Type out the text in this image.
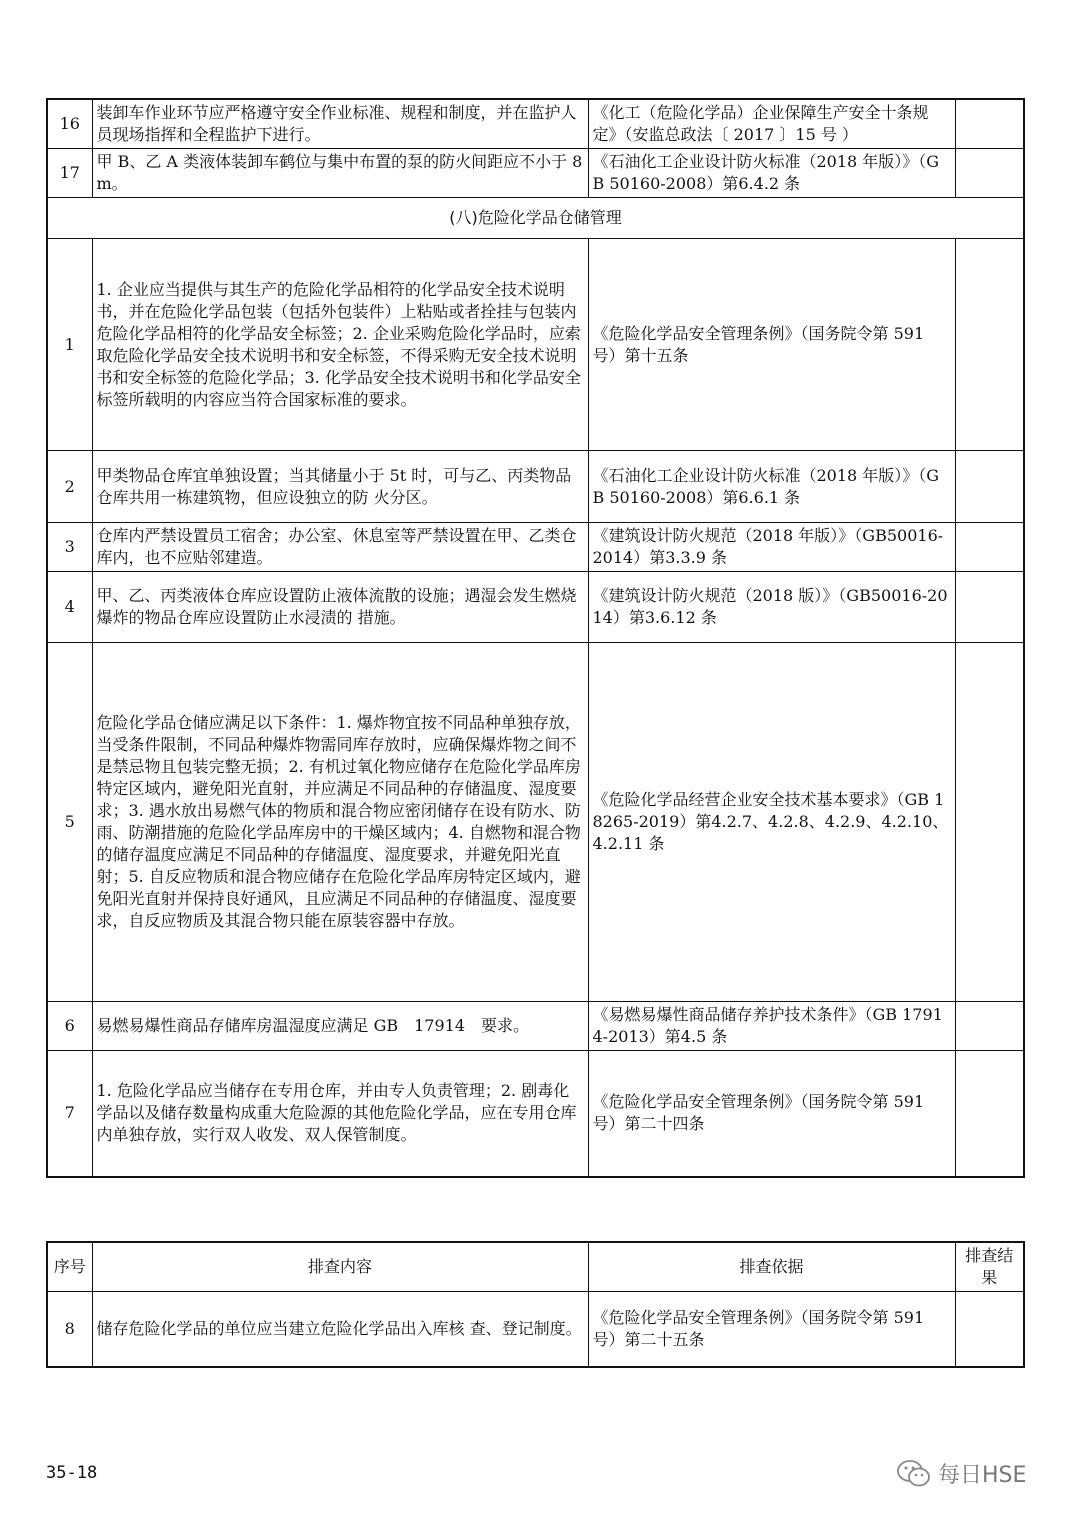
16	装卸车作业环节应严格遵守安全作业标准、规程和制度，并在监护人员现场指挥和全程监护下进行。	《化工（危险化学品）企业保障生产安全十条规定》（安监总政法〔 2017 〕15 号 ）	
17	甲 B、乙 A 类液体装卸车鹤位与集中布置的泵的防火间距应不小于 8m。	《石油化工企业设计防火标准（2018 年版）》（GB 50160-2008）第6.4.2 条	
(八)危险化学品仓储管理			
1	1. 企业应当提供与其生产的危险化学品相符的化学品安全技术说明书，并在危险化学品包装（包括外包装件）上粘贴或者拴挂与包装内危险化学品相符的化学品安全标签；2. 企业采购危险化学品时，应索取危险化学品安全技术说明书和安全标签，不得采购无安全技术说明书和安全标签的危险化学品；3. 化学品安全技术说明书和化学品安全标签所载明的内容应当符合国家标准的要求。	《危险化学品安全管理条例》（国务院令第 591 号）第十五条	
2	甲类物品仓库宜单独设置；当其储量小于 5t 时，可与乙、丙类物品仓库共用一栋建筑物，但应设独立的防 火分区。	《石油化工企业设计防火标准（2018 年版）》（GB 50160-2008）第6.6.1 条	
3	仓库内严禁设置员工宿舍；办公室、休息室等严禁设置在甲、乙类仓库内，也不应贴邻建造。	《建筑设计防火规范（2018 年版）》（GB50016-2014）第3.3.9 条	
4	甲、乙、丙类液体仓库应设置防止液体流散的设施；遇湿会发生燃烧爆炸的物品仓库应设置防止水浸渍的 措施。	《建筑设计防火规范（2018 版）》（GB50016-2014）第3.6.12 条	
5	危险化学品仓储应满足以下条件：1. 爆炸物宜按不同品种单独存放，当受条件限制，不同品种爆炸物需同库存放时，应确保爆炸物之间不是禁忌物且包装完整无损；2. 有机过氧化物应储存在危险化学品库房特定区域内，避免阳光直射，并应满足不同品种的存储温度、湿度要求；3. 遇水放出易燃气体的物质和混合物应密闭储存在设有防水、防雨、防潮措施的危险化学品库房中的干燥区域内；4. 自燃物和混合物的储存温度应满足不同品种的存储温度、湿度要求，并避免阳光直射；5. 自反应物质和混合物应储存在危险化学品库房特定区域内，避免阳光直射并保持良好通风，且应满足不同品种的存储温度、湿度要求，自反应物质及其混合物只能在原装容器中存放。	《危险化学品经营企业安全技术基本要求》（GB 18265-2019）第4.2.7、4.2.8、4.2.9、4.2.10、4.2.11 条	
6	易燃易爆性商品存储库房温湿度应满足 GB　17914　要求。	《易燃易爆性商品储存养护技术条件》（GB 17914-2013）第4.5 条	
7	1. 危险化学品应当储存在专用仓库，并由专人负责管理；2. 剧毒化学品以及储存数量构成重大危险源的其他危险化学品，应在专用仓库内单独存放，实行双人收发、双人保管制度。	《危险化学品安全管理条例》（国务院令第 591 号）第二十四条	
序号	排查内容	排查依据	排查结果
8	储存危险化学品的单位应当建立危险化学品出入库核 查、登记制度。	《危险化学品安全管理条例》（国务院令第 591 号）第二十五条	
35-18	每日HSE
